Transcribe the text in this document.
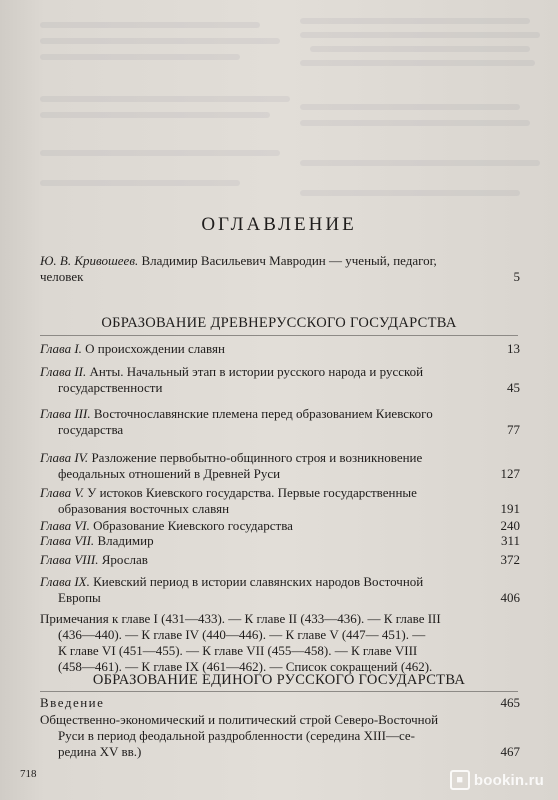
ОГЛАВЛЕНИЕ
Ю. В. Кривошеев. Владимир Васильевич Мавродин — ученый, педагог,
человек	5
ОБРАЗОВАНИЕ ДРЕВНЕРУССКОГО ГОСУДАРСТВА
Глава I. О происхождении славян	13
Глава II. Анты. Начальный этап в истории русского народа и русской
государственности	45
Глава III. Восточнославянские племена перед образованием Киевского
государства	77
Глава IV. Разложение первобытно-общинного строя и возникновение
феодальных отношений в Древней Руси	127
Глава V. У истоков Киевского государства. Первые государственные
образования восточных славян	191
Глава VI. Образование Киевского государства	240
Глава VII. Владимир	311
Глава VIII. Ярослав	372
Глава IX. Киевский период в истории славянских народов Восточной
Европы	406
Примечания к главе I (431—433). — К главе II (433—436). — К главе III
(436—440). — К главе IV (440—446). — К главе V (447— 451). —
К главе VI (451—455). — К главе VII (455—458). — К главе VIII
(458—461). — К главе IX (461—462). — Список сокращений (462).
ОБРАЗОВАНИЕ ЕДИНОГО РУССКОГО ГОСУДАРСТВА
Введение	465
Общественно-экономический и политический строй Северо-Восточной
Руси в период феодальной раздробленности (середина XIII—се-
редина XV вв.)	467
718	■ bookin.ru
